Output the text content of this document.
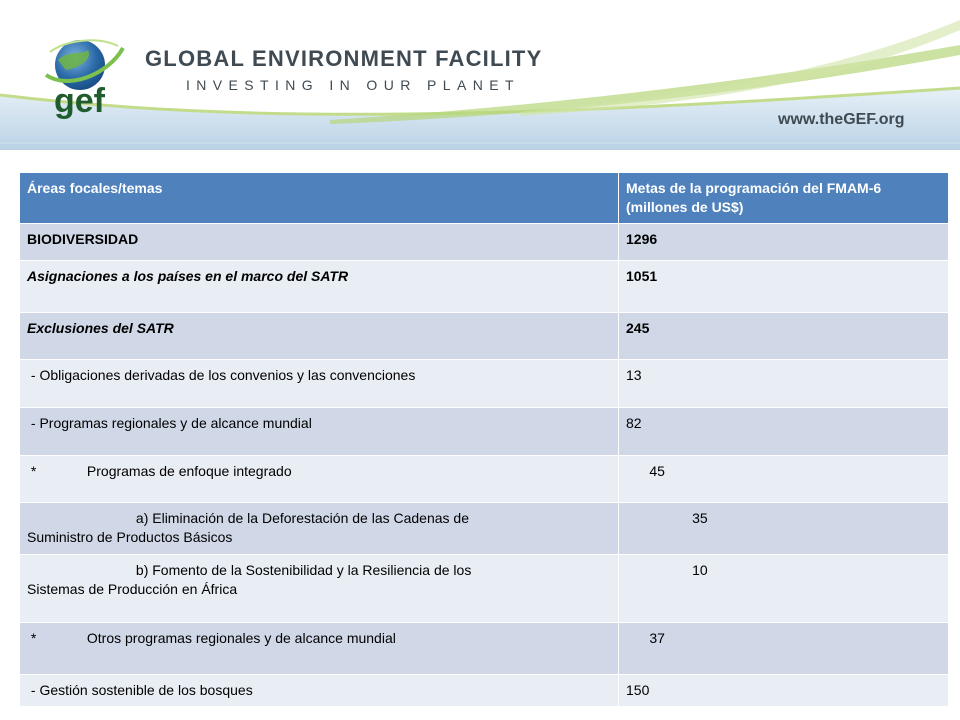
gef
GLOBAL ENVIRONMENT FACILITY
INVESTING IN OUR PLANET
www.theGEF.org
Áreas focales/temas	Metas de la programación del FMAM-6 (millones de US$)
BIODIVERSIDAD	1296
Asignaciones a los países en el marco del SATR	1051
Exclusiones del SATR	245
- Obligaciones derivadas de los convenios y las convenciones	13
- Programas regionales y de alcance mundial	82
*             Programas de enfoque integrado	45

a) Eliminación de la Deforestación de las Cadenas de
Suministro de Productos Básicos	35

b) Fomento de la Sostenibilidad y la Resiliencia de los
Sistemas de Producción en África	10
*             Otros programas regionales y de alcance mundial	37
- Gestión sostenible de los bosques	150
